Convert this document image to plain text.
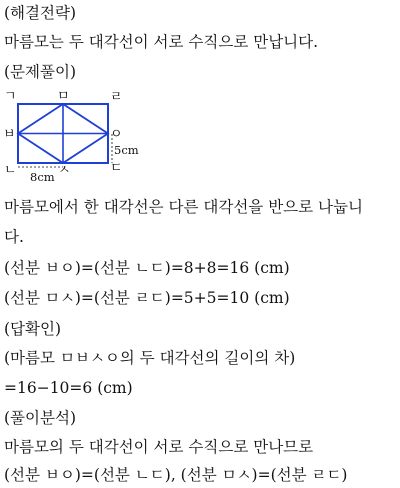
(해결전략)
마름모는 두 대각선이 서로 수직으로 만납니다.
(문제풀이)
ㄱ	ㅁ	ㄹ
ㅂ	ㅇ
ㄴ	ㅅ	ㄷ
5cm
8cm
마름모에서 한 대각선은 다른 대각선을 반으로 나눕니
다.
(선분 ㅂㅇ)=(선분 ㄴㄷ)=8+8=16 (cm)
(선분 ㅁㅅ)=(선분 ㄹㄷ)=5+5=10 (cm)
(답확인)
(마름모 ㅁㅂㅅㅇ의 두 대각선의 길이의 차)
=16−10=6 (cm)
(풀이분석)
마름모의 두 대각선이 서로 수직으로 만나므로
(선분 ㅂㅇ)=(선분 ㄴㄷ), (선분 ㅁㅅ)=(선분 ㄹㄷ)
